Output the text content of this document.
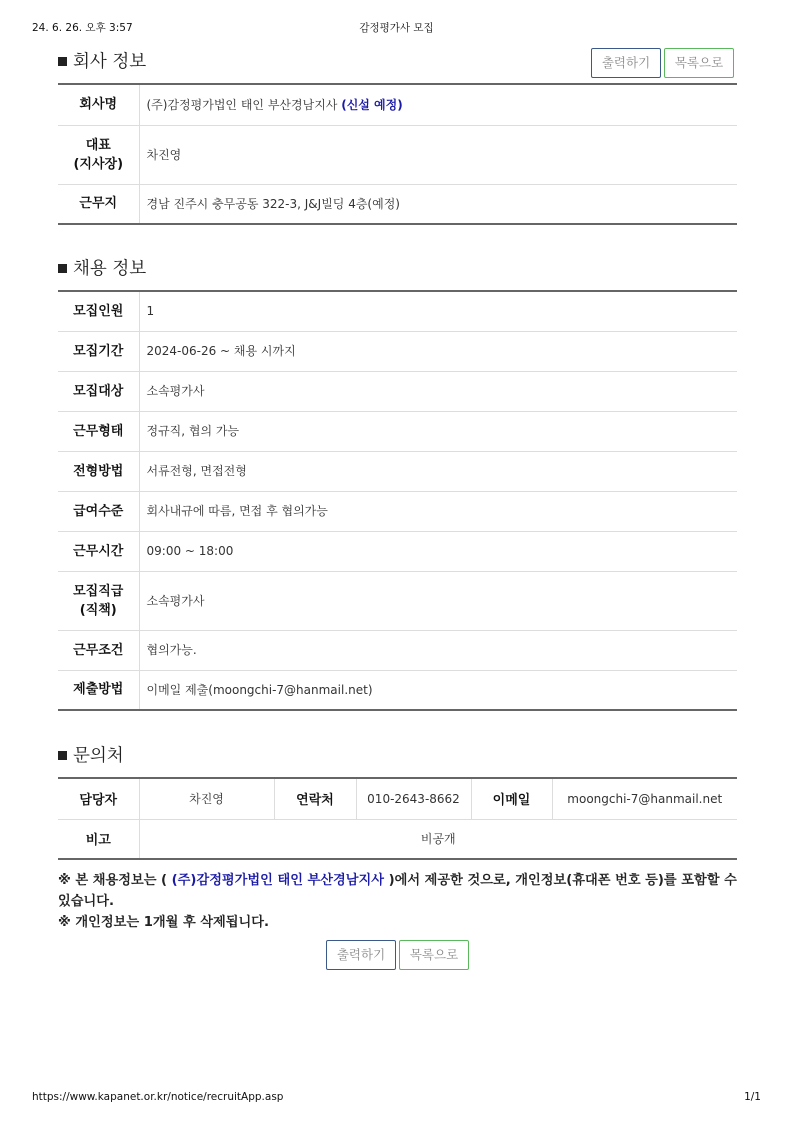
24. 6. 26. 오후 3:57	감정평가사 모집
회사 정보	출력하기	목록으로
회사명	(주)감정평가법인 태인 부산경남지사 (신설 예정)

대표
(지사장)	차진영
근무지	경남 진주시 충무공동 322-3, J&J빌딩 4층(예정)
채용 정보
모집인원	1
모집기간	2024-06-26 ~ 채용 시까지
모집대상	소속평가사
근무형태	정규직, 협의 가능
전형방법	서류전형, 면접전형
급여수준	회사내규에 따름, 면접 후 협의가능
근무시간	09:00 ~ 18:00

모집직급
(직책)	소속평가사
근무조건	협의가능.
제출방법	이메일 제출(moongchi-7@hanmail.net)
문의처
담당자	차진영	연락처	010-2643-8662	이메일	moongchi-7@hanmail.net
비고	비공개				
※ 본 채용정보는 ( (주)감정평가법인 태인 부산경남지사 )에서 제공한 것으로, 개인정보(휴대폰 번호 등)를 포함할 수 있습니다.
※ 개인정보는 1개월 후 삭제됩니다.
출력하기	목록으로
https://www.kapanet.or.kr/notice/recruitApp.asp	1/1
